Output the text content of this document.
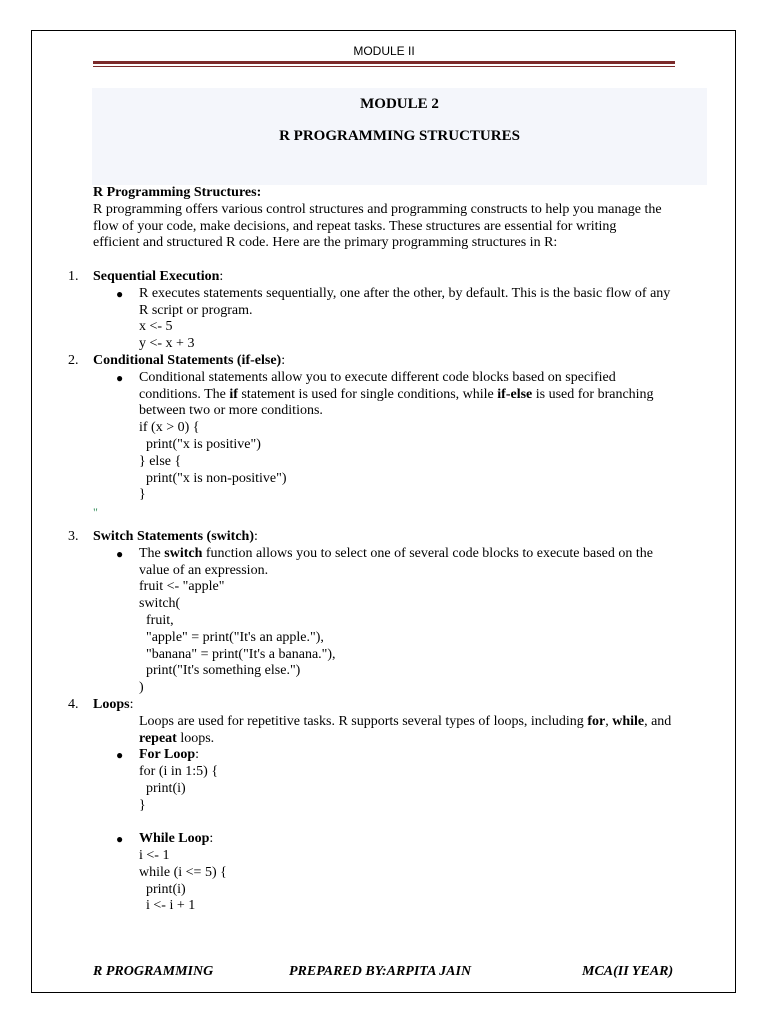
MODULE II
MODULE 2
R PROGRAMMING STRUCTURES
R Programming Structures:
R programming offers various control structures and programming constructs to help you manage the flow of your code, make decisions, and repeat tasks. These structures are essential for writing efficient and structured R code. Here are the primary programming structures in R:
1. Sequential Execution:
● R executes statements sequentially, one after the other, by default. This is the basic flow of any R script or program.
x <- 5
y <- x + 3
2. Conditional Statements (if-else):
● Conditional statements allow you to execute different code blocks based on specified conditions. The if statement is used for single conditions, while if-else is used for branching between two or more conditions.
if (x > 0) {
print("x is positive")
} else {
print("x is non-positive")
}
"
3. Switch Statements (switch):
● The switch function allows you to select one of several code blocks to execute based on the value of an expression.
fruit <- "apple"
switch(
fruit,
"apple" = print("It's an apple."),
"banana" = print("It's a banana."),
print("It's something else.")
)
4. Loops:
Loops are used for repetitive tasks. R supports several types of loops, including for, while, and repeat loops.
● For Loop:
for (i in 1:5) {
print(i)
}
● While Loop:
i <- 1
while (i <= 5) {
print(i)
i <- i + 1
R PROGRAMMING	PREPARED BY:ARPITA JAIN	MCA(II YEAR)
